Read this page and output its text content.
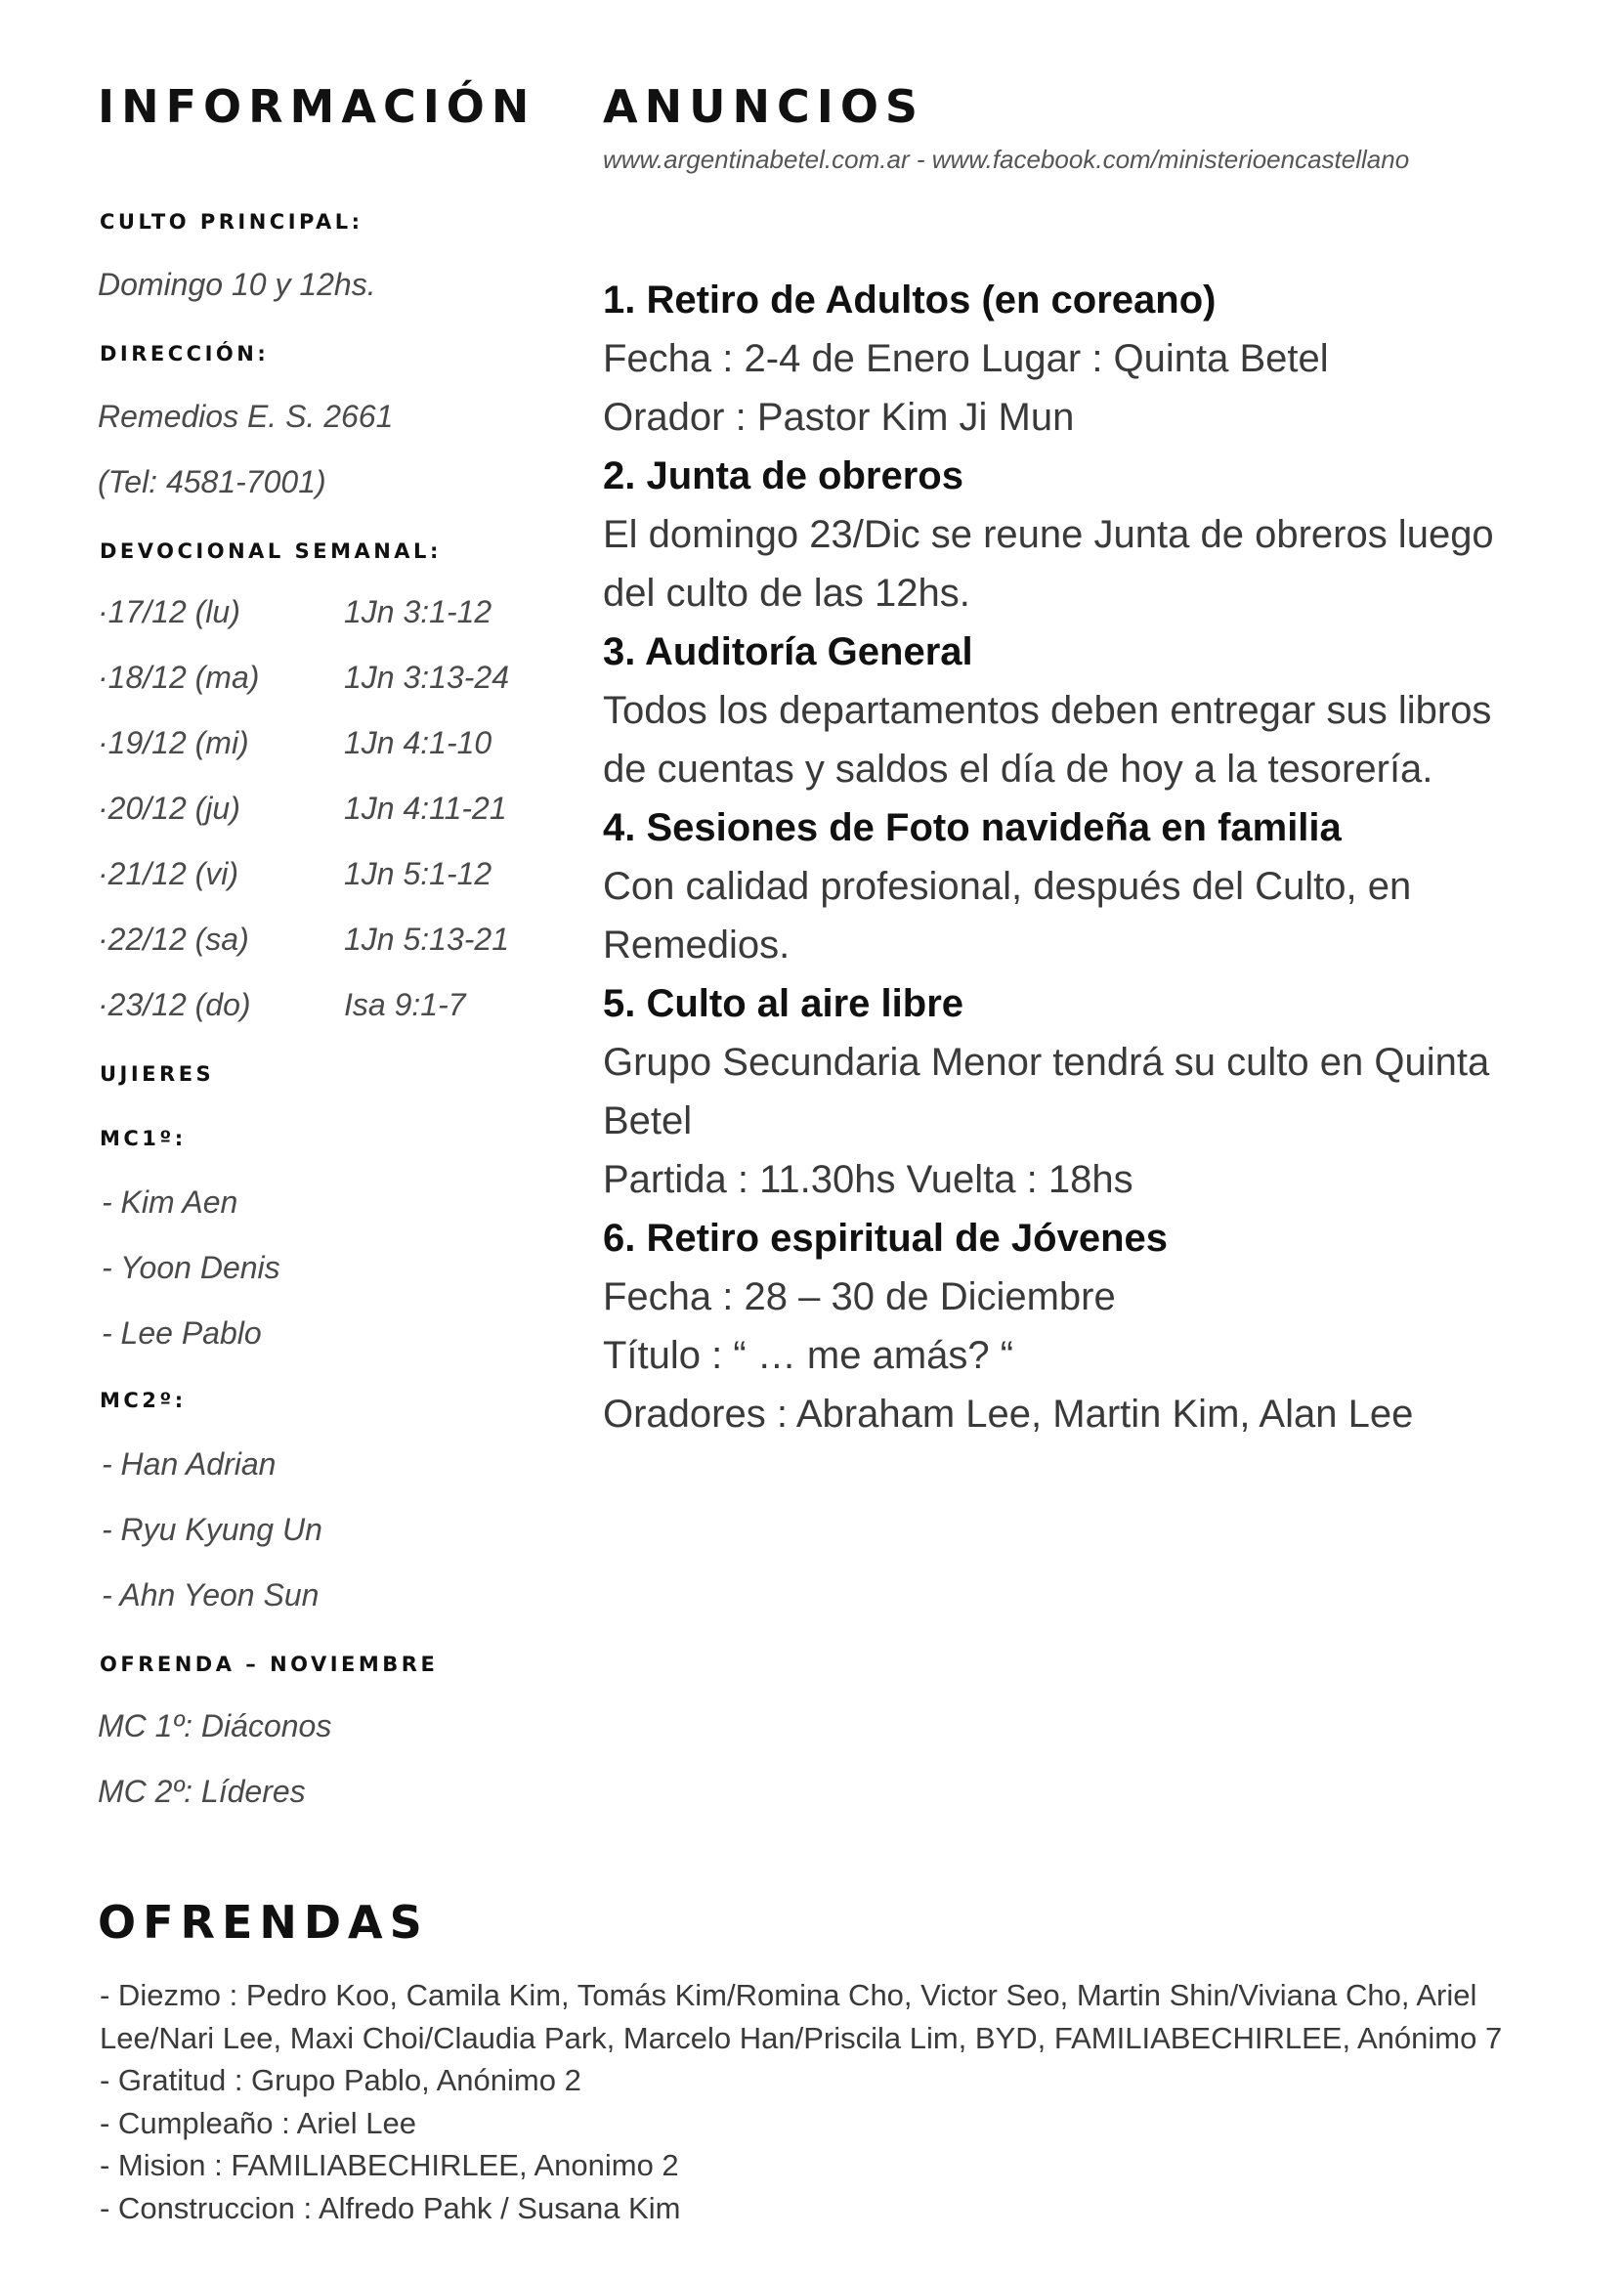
INFORMACIÓN
CULTO PRINCIPAL:
Domingo 10 y 12hs.
DIRECCIÓN:
Remedios E. S. 2661
(Tel: 4581-7001)
DEVOCIONAL SEMANAL:
·17/12 (lu)	1Jn 3:1-12
·18/12 (ma)	1Jn 3:13-24
·19/12 (mi)	1Jn 4:1-10
·20/12 (ju)	1Jn 4:11-21
·21/12 (vi)	1Jn 5:1-12
·22/12 (sa)	1Jn 5:13-21
·23/12 (do)	Isa 9:1-7
UJIERES
MC1º:
- Kim Aen
- Yoon Denis
- Lee Pablo
MC2º:
- Han Adrian
- Ryu Kyung Un
- Ahn Yeon Sun
OFRENDA – NOVIEMBRE
MC 1º: Diáconos
MC 2º: Líderes
ANUNCIOS
www.argentinabetel.com.ar - www.facebook.com/ministerioencastellano
1. Retiro de Adultos (en coreano)
Fecha : 2-4 de Enero Lugar : Quinta Betel
Orador : Pastor Kim Ji Mun
2. Junta de obreros
El domingo 23/Dic se reune Junta de obreros luego
del culto de las 12hs.
3. Auditoría General
Todos los departamentos deben entregar sus libros
de cuentas y saldos el día de hoy a la tesorería.
4. Sesiones de Foto navideña en familia
Con calidad profesional, después del Culto, en
Remedios.
5. Culto al aire libre
Grupo Secundaria Menor tendrá su culto en Quinta
Betel
Partida : 11.30hs Vuelta : 18hs
6. Retiro espiritual de Jóvenes
Fecha : 28 – 30 de Diciembre
Título : “ … me amás? “
Oradores : Abraham Lee, Martin Kim, Alan Lee
OFRENDAS
- Diezmo : Pedro Koo, Camila Kim, Tomás Kim/Romina Cho, Victor Seo, Martin Shin/Viviana Cho, Ariel
Lee/Nari Lee, Maxi Choi/Claudia Park, Marcelo Han/Priscila Lim, BYD, FAMILIABECHIRLEE, Anónimo 7
- Gratitud : Grupo Pablo, Anónimo 2
- Cumpleaño : Ariel Lee
- Mision : FAMILIABECHIRLEE, Anonimo 2
- Construccion : Alfredo Pahk / Susana Kim
